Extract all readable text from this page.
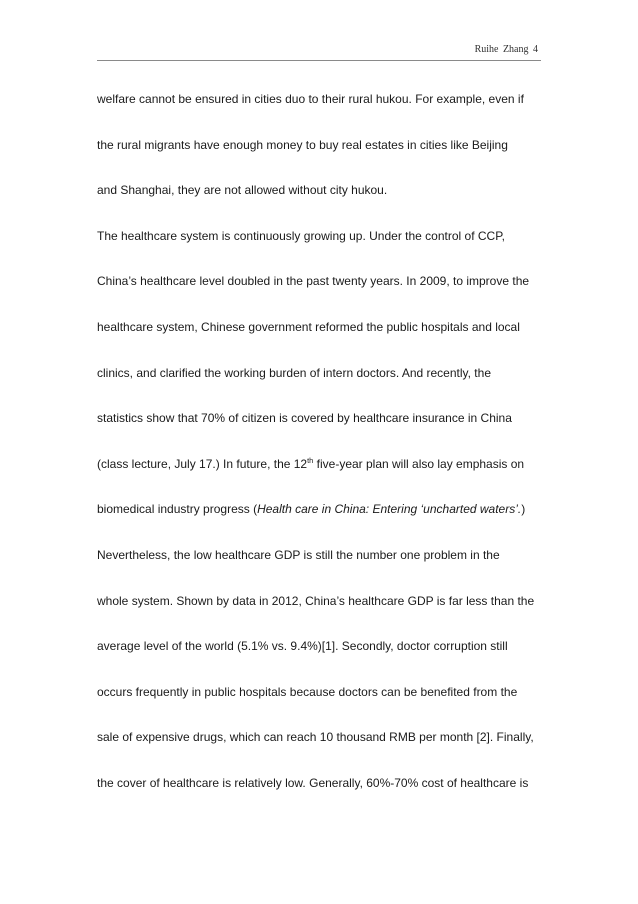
Ruihe Zhang 4
welfare cannot be ensured in cities duo to their rural hukou. For example, even if
the rural migrants have enough money to buy real estates in cities like Beijing
and Shanghai, they are not allowed without city hukou.
The healthcare system is continuously growing up. Under the control of CCP,
China’s healthcare level doubled in the past twenty years. In 2009, to improve the
healthcare system, Chinese government reformed the public hospitals and local
clinics, and clarified the working burden of intern doctors. And recently, the
statistics show that 70% of citizen is covered by healthcare insurance in China
(class lecture, July 17.) In future, the 12th five-year plan will also lay emphasis on
biomedical industry progress (Health care in China: Entering ‘uncharted waters’.)
Nevertheless, the low healthcare GDP is still the number one problem in the
whole system. Shown by data in 2012, China’s healthcare GDP is far less than the
average level of the world (5.1% vs. 9.4%)[1]. Secondly, doctor corruption still
occurs frequently in public hospitals because doctors can be benefited from the
sale of expensive drugs, which can reach 10 thousand RMB per month [2]. Finally,
the cover of healthcare is relatively low. Generally, 60%-70% cost of healthcare is
